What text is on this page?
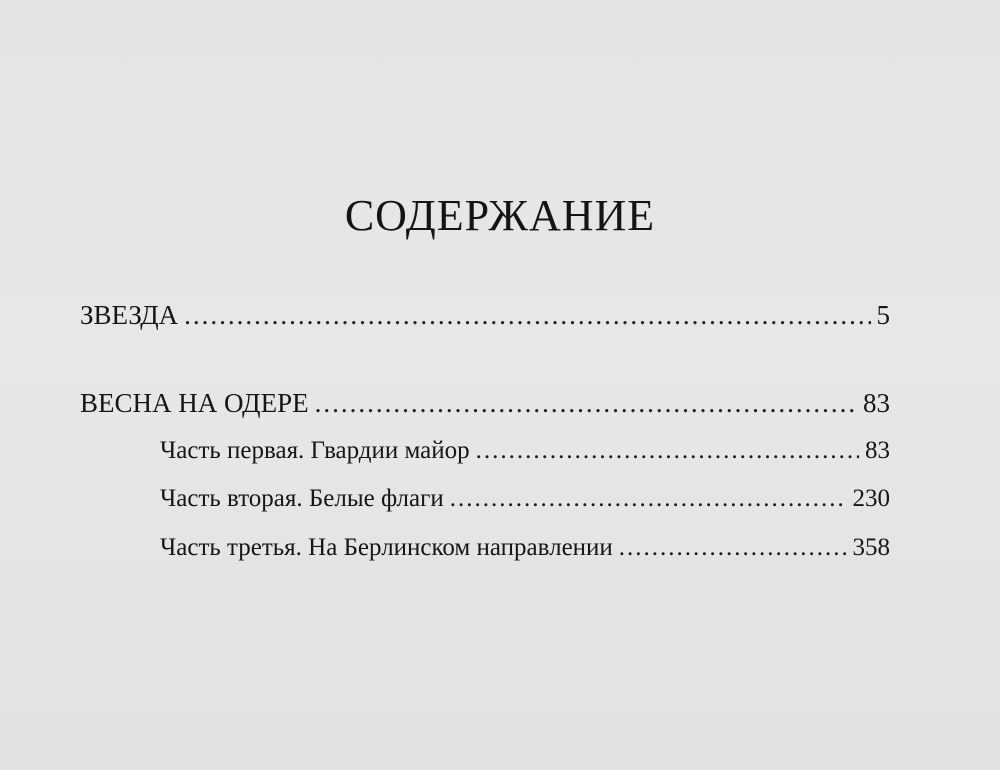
СОДЕРЖАНИЕ
ЗВЕЗДА .....	5
ВЕСНА НА ОДЕРЕ .....	83
Часть первая. Гвардии майор .....	83
Часть вторая. Белые флаги .....	230
Часть третья. На Берлинском направлении .....	358
